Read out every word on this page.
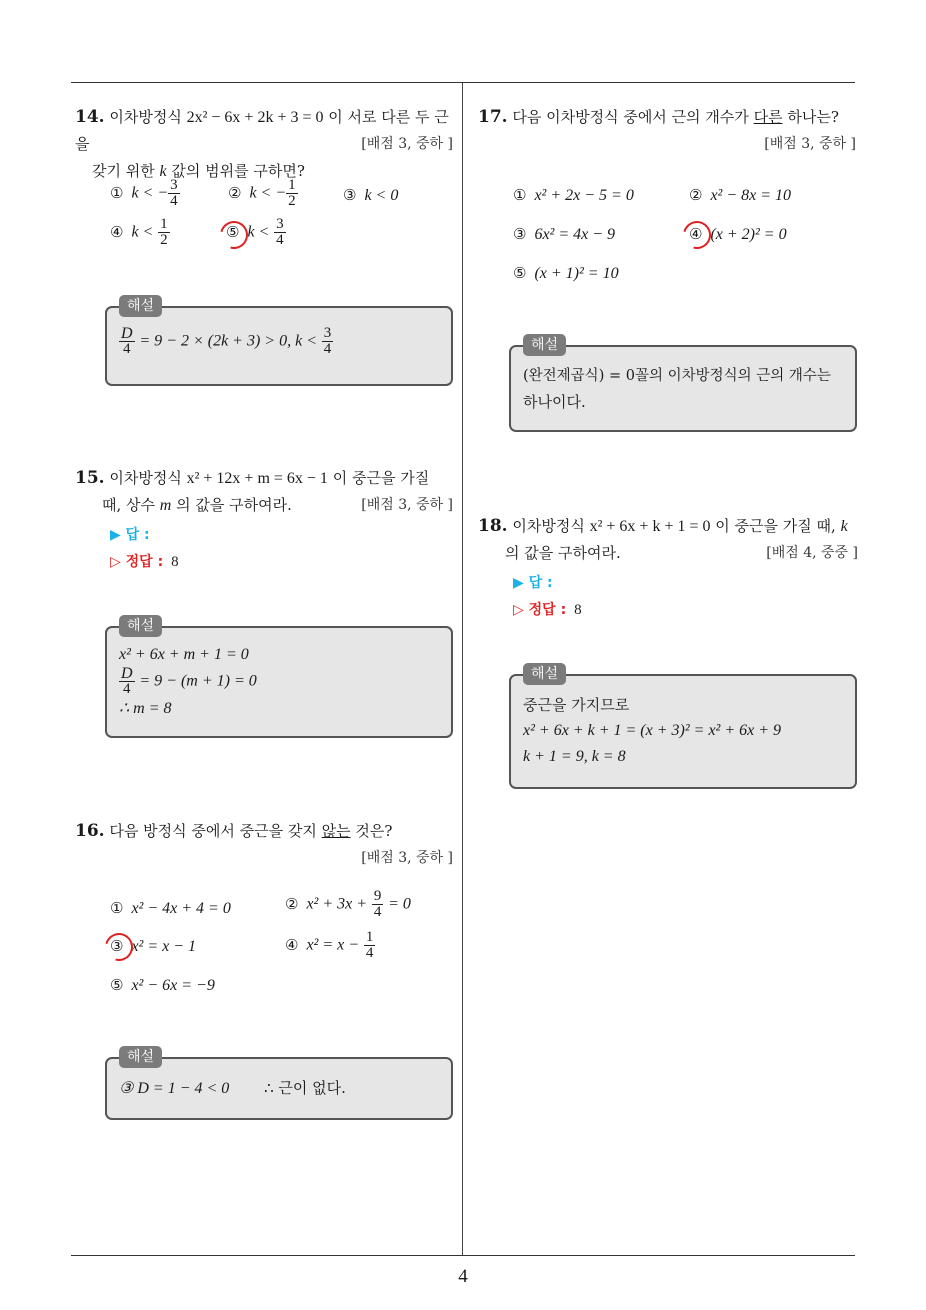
14. 이차방정식 2x² − 6x + 2k + 3 = 0 이 서로 다른 두 근을
갖기 위한 k 값의 범위를 구하면?
[배점 3, 중하 ]
① k < − $\frac{3}{4}$	② k < − $\frac{1}{2}$	③ k < 0
④ $k < \frac{1}{2}$	⑤ $k < \frac{3}{4}$
$\frac{D}{4} = 9 - 2 \times (2k + 3) > 0$, $k < \frac{3}{4}$
해설
15. 이차방정식 x² + 12x + m = 6x − 1 이 중근을 가질
때, 상수 m 의 값을 구하여라.	[배점 3, 중하 ]
▶ 답 :
▷ 정답 : 8
x² + 6x + m + 1 = 0
$\frac{D}{4} = 9 - (m + 1) = 0$
∴ m = 8
해설
16. 다음 방정식 중에서 중근을 갖지 않는 것은?
[배점 3, 중하 ]
① x² − 4x + 4 = 0	② $x^2 + 3x + \frac{9}{4} = 0$
③ x² = x − 1	④ $x^2 = x - \frac{1}{4}$
⑤ x² − 6x = −9
③ D = 1 − 4 < 0 ∴ 근이 없다.
해설
17. 다음 이차방정식 중에서 근의 개수가 다른 하나는?
[배점 3, 중하 ]
① x² + 2x − 5 = 0	② x² − 8x = 10
③ 6x² = 4x − 9	④ (x + 2)² = 0
⑤ (x + 1)² = 10
(완전제곱식) = 0꼴의 이차방정식의 근의 개수는
하나이다.
해설
18. 이차방정식 x² + 6x + k + 1 = 0 이 중근을 가질 때, k
의 값을 구하여라.	[배점 4, 중중 ]
▶ 답 :
▷ 정답 : 8
중근을 가지므로
x² + 6x + k + 1 = (x + 3)² = x² + 6x + 9
k + 1 = 9, k = 8
해설
4
